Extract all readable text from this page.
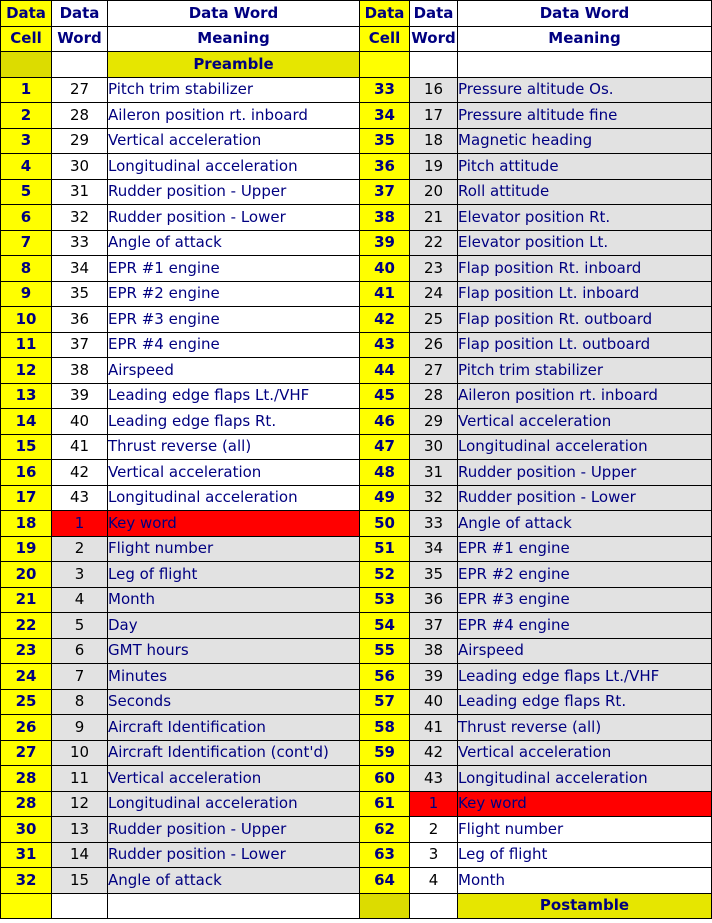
Data	Data	Data Word	Data	Data	Data Word
Cell	Word	Meaning	Cell	Word	Meaning
		Preamble			
1	27	Pitch trim stabilizer	33	16	Pressure altitude Os.
2	28	Aileron position rt. inboard	34	17	Pressure altitude fine
3	29	Vertical acceleration	35	18	Magnetic heading
4	30	Longitudinal acceleration	36	19	Pitch attitude
5	31	Rudder position - Upper	37	20	Roll attitude
6	32	Rudder position - Lower	38	21	Elevator position Rt.
7	33	Angle of attack	39	22	Elevator position Lt.
8	34	EPR #1 engine	40	23	Flap position Rt. inboard
9	35	EPR #2 engine	41	24	Flap position Lt. inboard
10	36	EPR #3 engine	42	25	Flap position Rt. outboard
11	37	EPR #4 engine	43	26	Flap position Lt. outboard
12	38	Airspeed	44	27	Pitch trim stabilizer
13	39	Leading edge flaps Lt./VHF	45	28	Aileron position rt. inboard
14	40	Leading edge flaps Rt.	46	29	Vertical acceleration
15	41	Thrust reverse (all)	47	30	Longitudinal acceleration
16	42	Vertical acceleration	48	31	Rudder position - Upper
17	43	Longitudinal acceleration	49	32	Rudder position - Lower
18	1	Key word	50	33	Angle of attack
19	2	Flight number	51	34	EPR #1 engine
20	3	Leg of flight	52	35	EPR #2 engine
21	4	Month	53	36	EPR #3 engine
22	5	Day	54	37	EPR #4 engine
23	6	GMT hours	55	38	Airspeed
24	7	Minutes	56	39	Leading edge flaps Lt./VHF
25	8	Seconds	57	40	Leading edge flaps Rt.
26	9	Aircraft Identification	58	41	Thrust reverse (all)
27	10	Aircraft Identification (cont'd)	59	42	Vertical acceleration
28	11	Vertical acceleration	60	43	Longitudinal acceleration
28	12	Longitudinal acceleration	61	1	Key word
30	13	Rudder position - Upper	62	2	Flight number
31	14	Rudder position - Lower	63	3	Leg of flight
32	15	Angle of attack	64	4	Month
					Postamble
